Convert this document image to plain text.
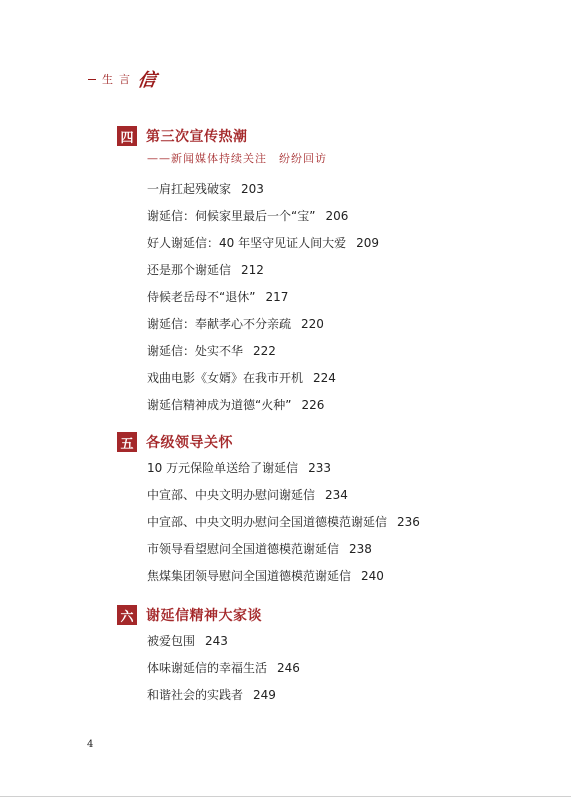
生言 信
四 第三次宣传热潮
——新闻媒体持续关注　纷纷回访
一肩扛起残破家 203
谢延信：伺候家里最后一个“宝” 206
好人谢延信：40 年坚守见证人间大爱 209
还是那个谢延信 212
侍候老岳母不“退休” 217
谢延信：奉献孝心不分亲疏 220
谢延信：处实不华 222
戏曲电影《女婿》在我市开机 224
谢延信精神成为道德“火种” 226
五 各级领导关怀
10 万元保险单送给了谢延信 233
中宣部、中央文明办慰问谢延信 234
中宣部、中央文明办慰问全国道德模范谢延信 236
市领导看望慰问全国道德模范谢延信 238
焦煤集团领导慰问全国道德模范谢延信 240
六 谢延信精神大家谈
被爱包围 243
体味谢延信的幸福生活 246
和谐社会的实践者 249
4
